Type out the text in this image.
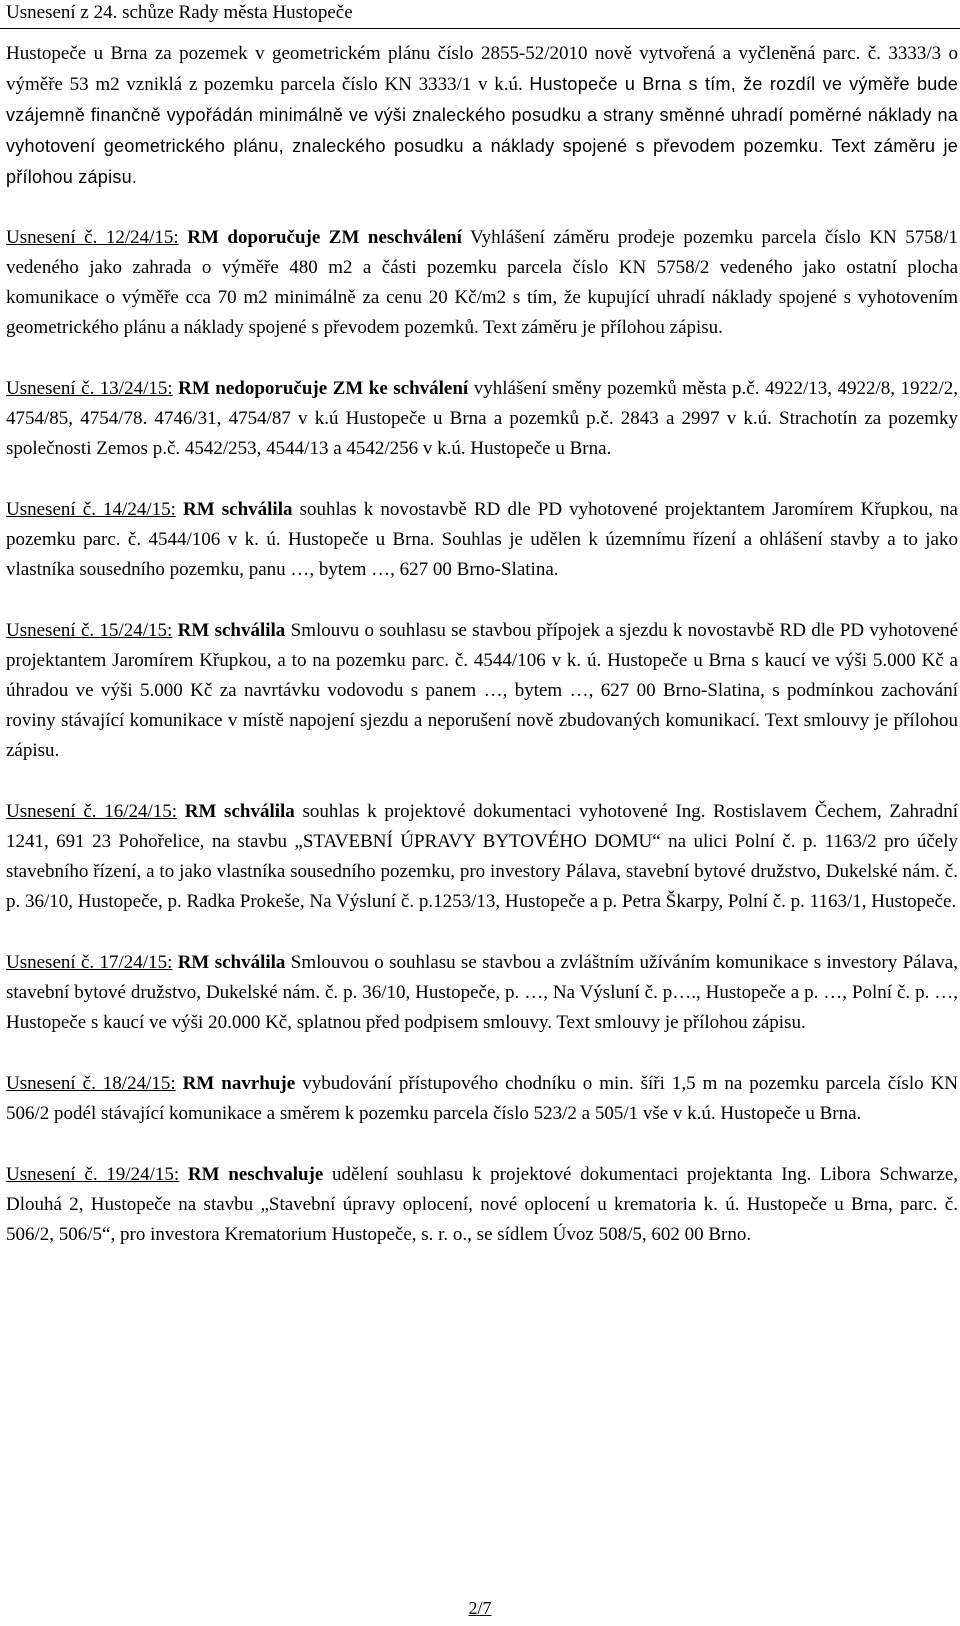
Usnesení z 24. schůze Rady města Hustopeče

Hustopeče u Brna za pozemek v geometrickém plánu číslo 2855-52/2010 nově vytvořená a vyčleněná parc. č. 3333/3 o výměře 53 m2 vzniklá z pozemku parcela číslo KN 3333/1 v k.ú. Hustopeče u Brna s tím, že rozdíl ve výměře bude vzájemně finančně vypořádán minimálně ve výši znaleckého posudku a strany směnné uhradí poměrné náklady na vyhotovení geometrického plánu, znaleckého posudku a náklady spojené s převodem pozemku. Text záměru je přílohou zápisu.

Usnesení č. 12/24/15: RM doporučuje ZM neschválení Vyhlášení záměru prodeje pozemku parcela číslo KN 5758/1 vedeného jako zahrada o výměře 480 m2 a části pozemku parcela číslo KN 5758/2 vedeného jako ostatní plocha komunikace o výměře cca 70 m2 minimálně za cenu 20 Kč/m2 s tím, že kupující uhradí náklady spojené s vyhotovením geometrického plánu a náklady spojené s převodem pozemků. Text záměru je přílohou zápisu.

Usnesení č. 13/24/15: RM nedoporučuje ZM ke schválení vyhlášení směny pozemků města p.č. 4922/13, 4922/8, 1922/2, 4754/85, 4754/78. 4746/31, 4754/87 v k.ú Hustopeče u Brna a pozemků p.č. 2843 a 2997 v k.ú. Strachotín za pozemky společnosti Zemos p.č. 4542/253, 4544/13 a 4542/256 v k.ú. Hustopeče u Brna.

Usnesení č. 14/24/15: RM schválila souhlas k novostavbě RD dle PD vyhotovené projektantem Jaromírem Křupkou, na pozemku parc. č. 4544/106 v k. ú. Hustopeče u Brna. Souhlas je udělen k územnímu řízení a ohlášení stavby a to jako vlastníka sousedního pozemku, panu …, bytem …, 627 00 Brno-Slatina.

Usnesení č. 15/24/15: RM schválila Smlouvu o souhlasu se stavbou přípojek a sjezdu k novostavbě RD dle PD vyhotovené projektantem Jaromírem Křupkou, a to na pozemku parc. č. 4544/106 v k. ú. Hustopeče u Brna s kaucí ve výši 5.000 Kč a úhradou ve výši 5.000 Kč za navrtávku vodovodu s panem …, bytem …, 627 00 Brno-Slatina, s podmínkou zachování roviny stávající komunikace v místě napojení sjezdu a neporušení nově zbudovaných komunikací. Text smlouvy je přílohou zápisu.

Usnesení č. 16/24/15: RM schválila souhlas k projektové dokumentaci vyhotovené Ing. Rostislavem Čechem, Zahradní 1241, 691 23 Pohořelice, na stavbu „STAVEBNÍ ÚPRAVY BYTOVÉHO DOMU“ na ulici Polní č. p. 1163/2 pro účely stavebního řízení, a to jako vlastníka sousedního pozemku, pro investory Pálava, stavební bytové družstvo, Dukelské nám. č. p. 36/10, Hustopeče, p. Radka Prokeše, Na Výsluní č. p.1253/13, Hustopeče a p. Petra Škarpy, Polní č. p. 1163/1, Hustopeče.

Usnesení č. 17/24/15: RM schválila Smlouvou o souhlasu se stavbou a zvláštním užíváním komunikace s investory Pálava, stavební bytové družstvo, Dukelské nám. č. p. 36/10, Hustopeče, p. …, Na Výsluní č. p…., Hustopeče a p. …, Polní č. p. …, Hustopeče s kaucí ve výši 20.000 Kč, splatnou před podpisem smlouvy. Text smlouvy je přílohou zápisu.

Usnesení č. 18/24/15: RM navrhuje vybudování přístupového chodníku o min. šíři 1,5 m na pozemku parcela číslo KN 506/2 podél stávající komunikace a směrem k pozemku parcela číslo 523/2 a 505/1 vše v k.ú. Hustopeče u Brna.

Usnesení č. 19/24/15: RM neschvaluje udělení souhlasu k projektové dokumentaci projektanta Ing. Libora Schwarze, Dlouhá 2, Hustopeče na stavbu „Stavební úpravy oplocení, nové oplocení u krematoria k. ú. Hustopeče u Brna, parc. č. 506/2, 506/5“, pro investora Krematorium Hustopeče, s. r. o., se sídlem Úvoz 508/5, 602 00 Brno.

2/7
